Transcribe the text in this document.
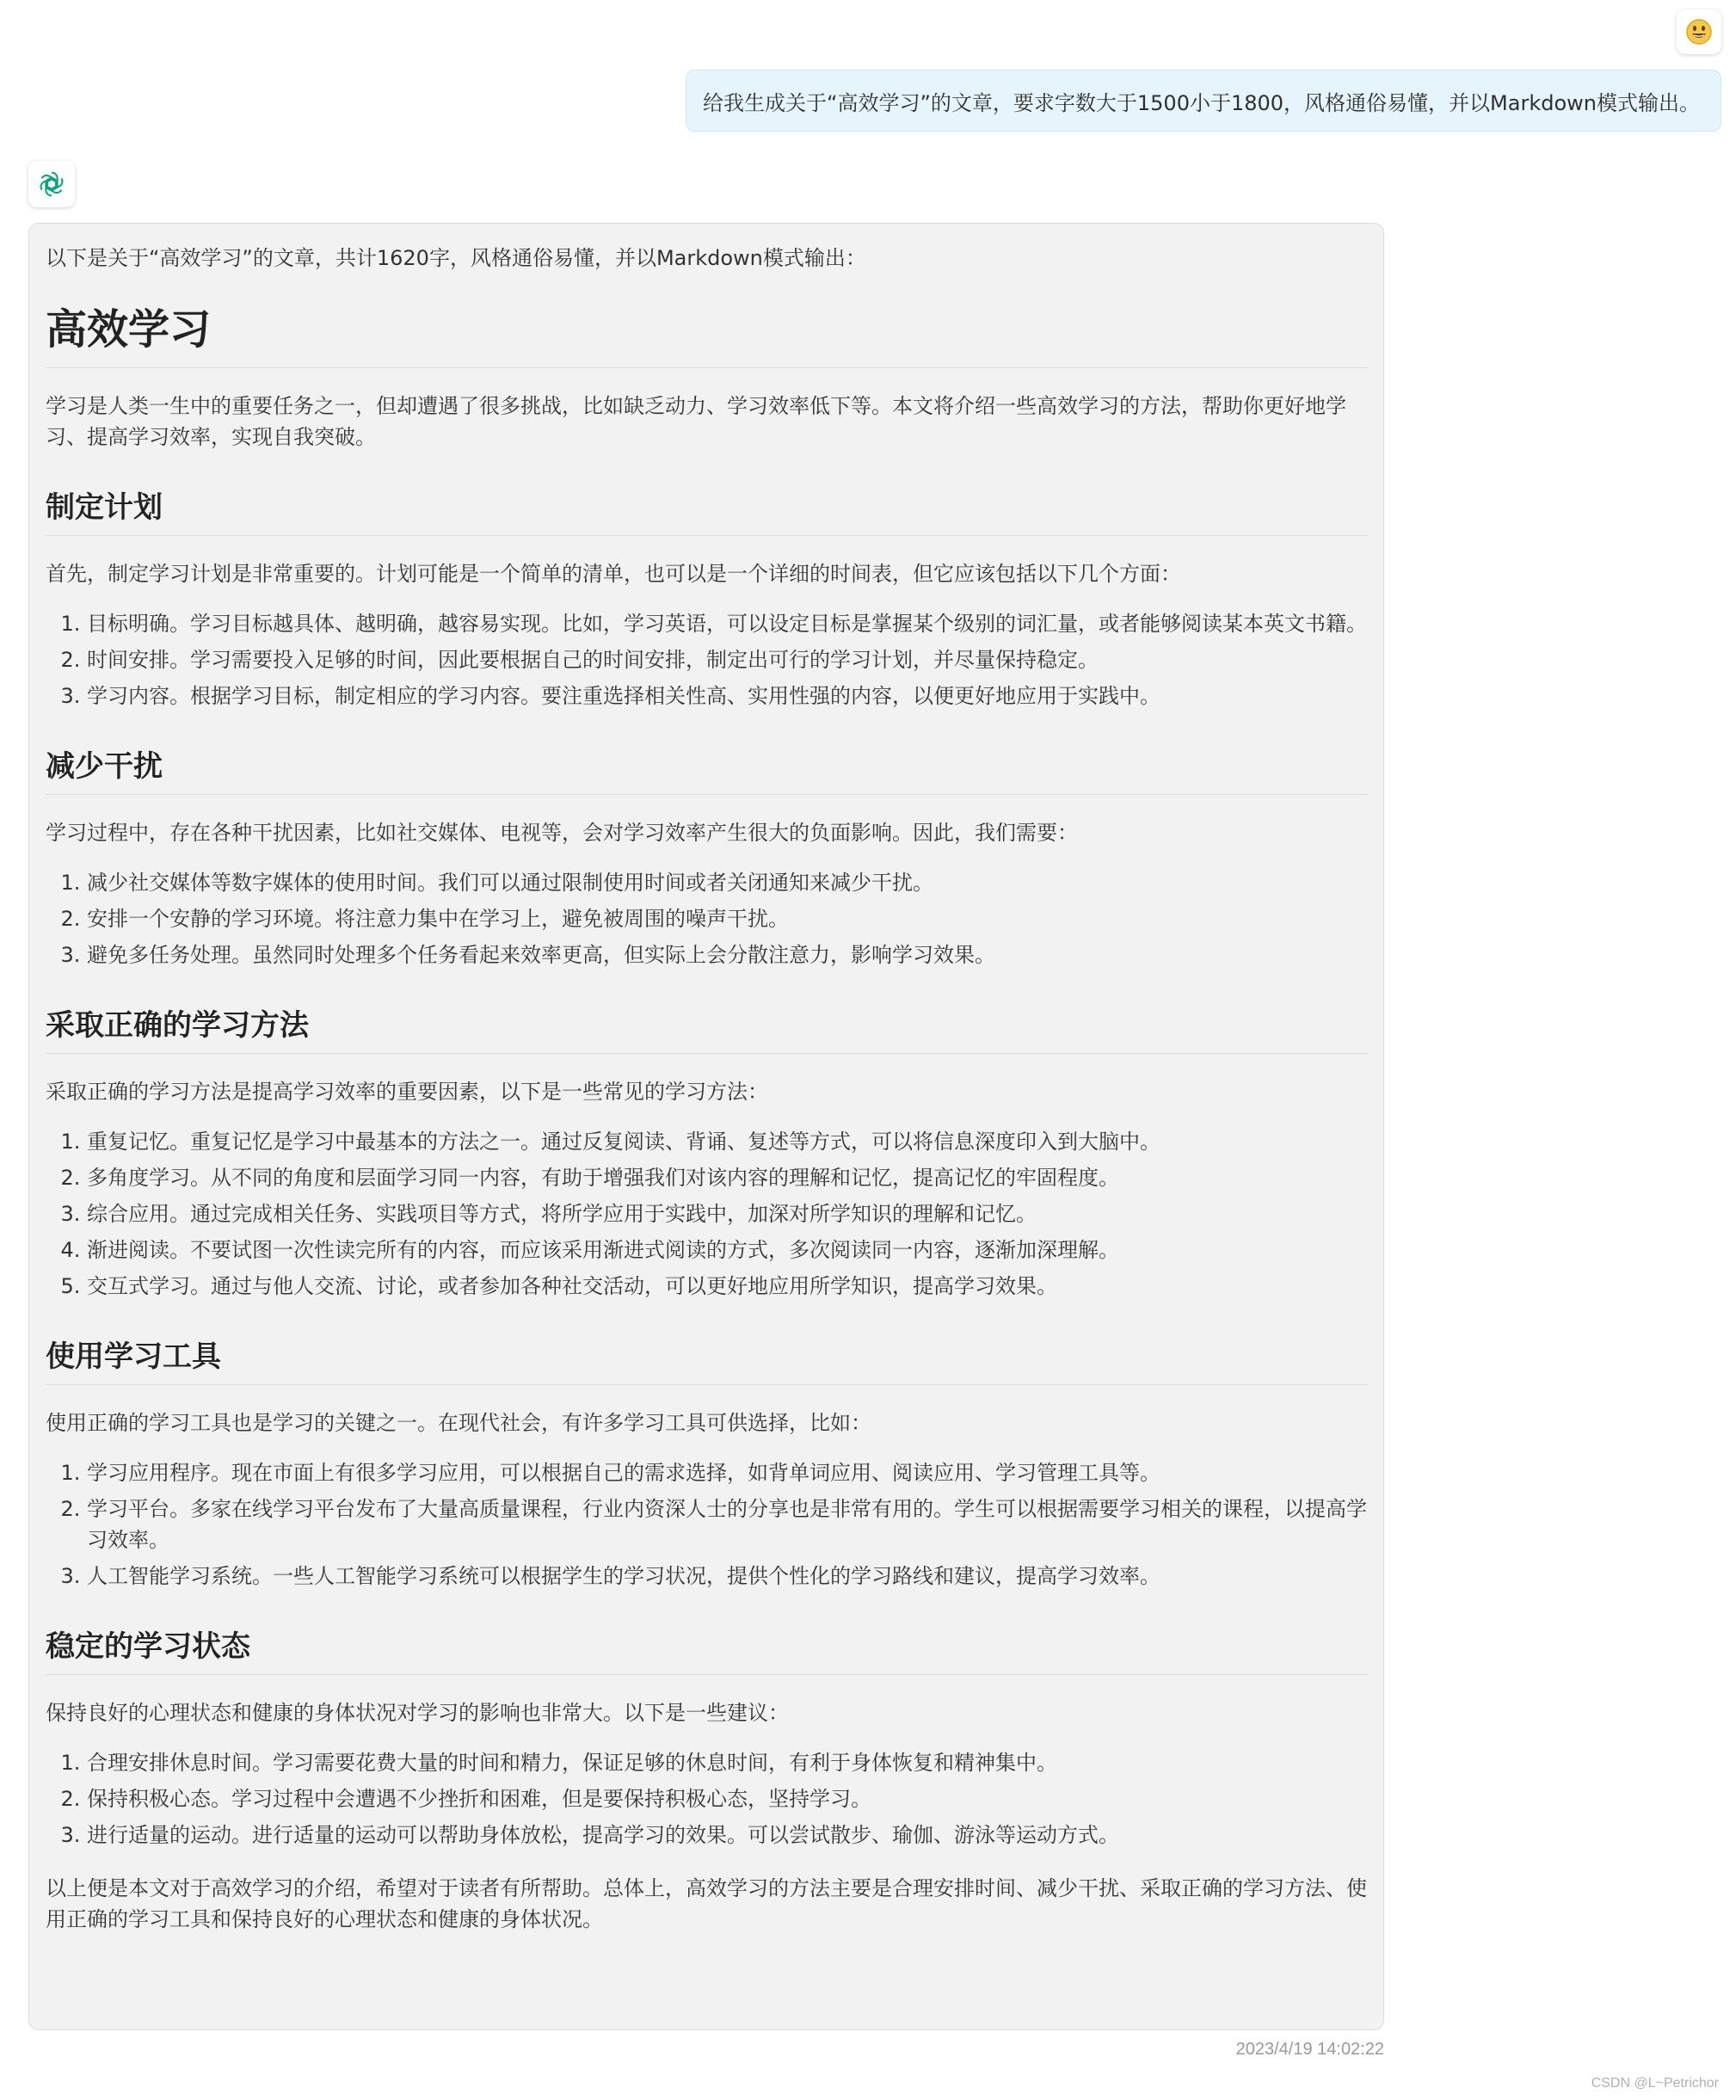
给我生成关于“高效学习”的文章，要求字数大于1500小于1800，风格通俗易懂，并以Markdown模式输出。

以下是关于“高效学习”的文章，共计1620字，风格通俗易懂，并以Markdown模式输出：

高效学习

学习是人类一生中的重要任务之一，但却遭遇了很多挑战，比如缺乏动力、学习效率低下等。本文将介绍一些高效学习的方法，帮助你更好地学习、提高学习效率，实现自我突破。

制定计划

首先，制定学习计划是非常重要的。计划可能是一个简单的清单，也可以是一个详细的时间表，但它应该包括以下几个方面：

1. 目标明确。学习目标越具体、越明确，越容易实现。比如，学习英语，可以设定目标是掌握某个级别的词汇量，或者能够阅读某本英文书籍。
2. 时间安排。学习需要投入足够的时间，因此要根据自己的时间安排，制定出可行的学习计划，并尽量保持稳定。
3. 学习内容。根据学习目标，制定相应的学习内容。要注重选择相关性高、实用性强的内容，以便更好地应用于实践中。
减少干扰

学习过程中，存在各种干扰因素，比如社交媒体、电视等，会对学习效率产生很大的负面影响。因此，我们需要：

1. 减少社交媒体等数字媒体的使用时间。我们可以通过限制使用时间或者关闭通知来减少干扰。
2. 安排一个安静的学习环境。将注意力集中在学习上，避免被周围的噪声干扰。
3. 避免多任务处理。虽然同时处理多个任务看起来效率更高，但实际上会分散注意力，影响学习效果。
采取正确的学习方法

采取正确的学习方法是提高学习效率的重要因素，以下是一些常见的学习方法：

1. 重复记忆。重复记忆是学习中最基本的方法之一。通过反复阅读、背诵、复述等方式，可以将信息深度印入到大脑中。
2. 多角度学习。从不同的角度和层面学习同一内容，有助于增强我们对该内容的理解和记忆，提高记忆的牢固程度。
3. 综合应用。通过完成相关任务、实践项目等方式，将所学应用于实践中，加深对所学知识的理解和记忆。
4. 渐进阅读。不要试图一次性读完所有的内容，而应该采用渐进式阅读的方式，多次阅读同一内容，逐渐加深理解。
5. 交互式学习。通过与他人交流、讨论，或者参加各种社交活动，可以更好地应用所学知识，提高学习效果。
使用学习工具

使用正确的学习工具也是学习的关键之一。在现代社会，有许多学习工具可供选择，比如：

1. 学习应用程序。现在市面上有很多学习应用，可以根据自己的需求选择，如背单词应用、阅读应用、学习管理工具等。
2. 学习平台。多家在线学习平台发布了大量高质量课程，行业内资深人士的分享也是非常有用的。学生可以根据需要学习相关的课程，以提高学习效率。
3. 人工智能学习系统。一些人工智能学习系统可以根据学生的学习状况，提供个性化的学习路线和建议，提高学习效率。
稳定的学习状态

保持良好的心理状态和健康的身体状况对学习的影响也非常大。以下是一些建议：

1. 合理安排休息时间。学习需要花费大量的时间和精力，保证足够的休息时间，有利于身体恢复和精神集中。
2. 保持积极心态。学习过程中会遭遇不少挫折和困难，但是要保持积极心态，坚持学习。
3. 进行适量的运动。进行适量的运动可以帮助身体放松，提高学习的效果。可以尝试散步、瑜伽、游泳等运动方式。

以上便是本文对于高效学习的介绍，希望对于读者有所帮助。总体上，高效学习的方法主要是合理安排时间、减少干扰、采取正确的学习方法、使用正确的学习工具和保持良好的心理状态和健康的身体状况。

2023/4/19 14:02:22
CSDN @L~Petrichor
